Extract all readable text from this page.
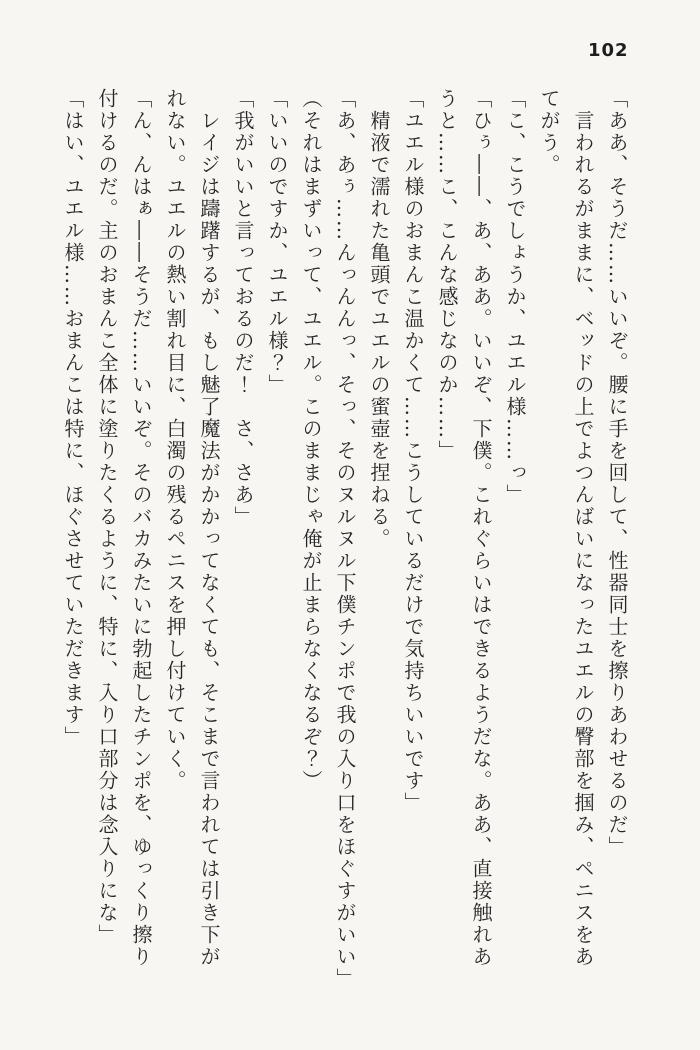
102
「ああ、そうだ……いいぞ。腰に手を回して、性器同士を擦りあわせるのだ」
言われるがままに、ベッドの上でよつんばいになったユエルの臀部を掴み、ペニスをあ
てがう。
「こ、こうでしょうか、ユエル様……っ」
「ひぅ――、あ、ああ。いいぞ、下僕。これぐらいはできるようだな。ああ、直接触れあ
うと……こ、こんな感じなのか……」
「ユエル様のおまんこ温かくて……こうしているだけで気持ちいいです」
精液で濡れた亀頭でユエルの蜜壺を捏ねる。
「あ、あぅ……んっんんっ、そっ、そのヌルヌル下僕チンポで我の入り口をほぐすがいい」
（それはまずいって、ユエル。このままじゃ俺が止まらなくなるぞ？）
「いいのですか、ユエル様？」
「我がいいと言っておるのだ！　さ、さあ」
レイジは躊躇するが、もし魅了魔法がかかってなくても、そこまで言われては引き下が
れない。ユエルの熱い割れ目に、白濁の残るペニスを押し付けていく。
「ん、んはぁ――そうだ……いいぞ。そのバカみたいに勃起したチンポを、ゆっくり擦り
付けるのだ。主のおまんこ全体に塗りたくるように、特に、入り口部分は念入りにな」
「はい、ユエル様……おまんこは特に、ほぐさせていただきます」
